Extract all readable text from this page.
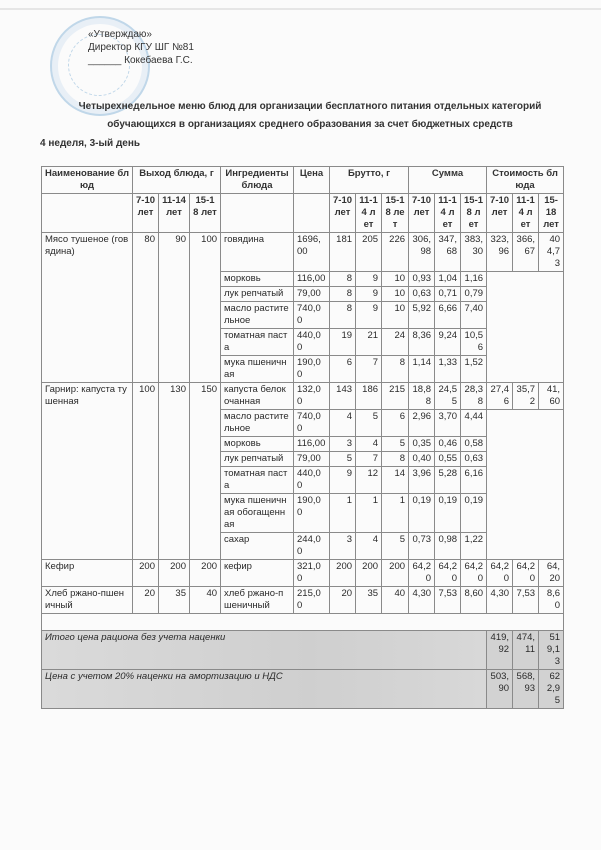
«Утверждаю»
Директор КГУ ШГ №81
______ Кокебаева Г.С.
Четырехнедельное меню блюд для организации бесплатного питания отдельных категорий
обучающихся в организациях среднего образования за счет бюджетных средств
4 неделя, 3-ый день
Наименование блюд	Выход блюда, г			Ингредиенты блюда	Цена	Брутто, г			Сумма			Стоимость блюда		
	7-10 лет	11-14 лет	15-18 лет			7-10 лет	11-14 лет	15-18 лет	7-10 лет	11-14 лет	15-18 лет	7-10 лет	11-14 лет	15-18 лет
Мясо тушеное (говядина)	80	90	100	говядина	1696,00	181	205	226	306,98	347,68	383,30	323,96	366,67	404,73
				морковь	116,00	8	9	10	0,93	1,04	1,16			
				лук репчатый	79,00	8	9	10	0,63	0,71	0,79			
				масло растительное	740,00	8	9	10	5,92	6,66	7,40			
				томатная паста	440,00	19	21	24	8,36	9,24	10,56			
				мука пшеничная	190,00	6	7	8	1,14	1,33	1,52			
Гарнир: капуста тушенная	100	130	150	капуста белокочанная	132,00	143	186	215	18,88	24,55	28,38	27,46	35,72	41,60
				масло растительное	740,00	4	5	6	2,96	3,70	4,44			
				морковь	116,00	3	4	5	0,35	0,46	0,58			
				лук репчатый	79,00	5	7	8	0,40	0,55	0,63			
				томатная паста	440,00	9	12	14	3,96	5,28	6,16			
				мука пшеничная обогащенная	190,00	1	1	1	0,19	0,19	0,19			
				сахар	244,00	3	4	5	0,73	0,98	1,22			
Кефир	200	200	200	кефир	321,00	200	200	200	64,20	64,20	64,20	64,20	64,20	64,20
Хлеб ржано-пшеничный	20	35	40	хлеб ржано-пшеничный	215,00	20	35	40	4,30	7,53	8,60	4,30	7,53	8,60

Итого цена рациона без учета наценки												419,92	474,11	519,13
Цена с учетом 20% наценки на амортизацию и НДС												503,90	568,93	622,95
